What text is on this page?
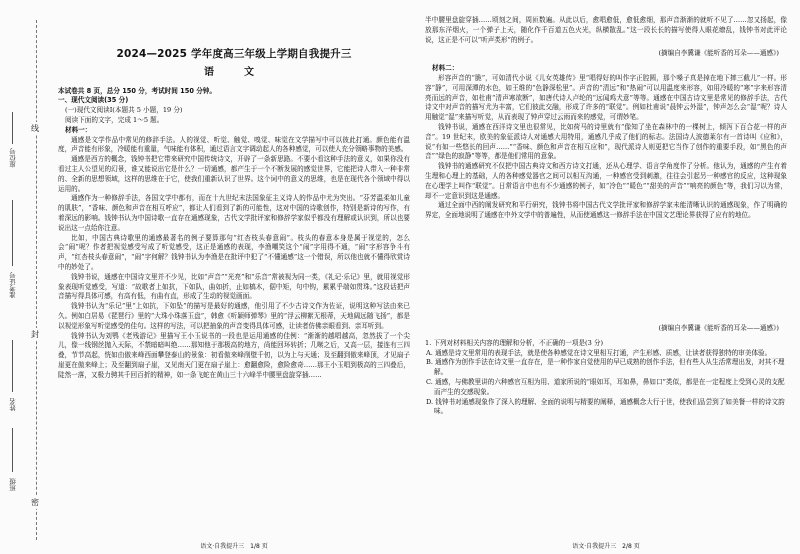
线
封
密
座位号
准考证号
姓名
班级
2024—2025 学年度高三年级上学期自我提升三
语　文
本试卷共 8 页，总分 150 分，考试时间 150 分钟。
一、现代文阅读(35 分)
(一)现代文阅读Ⅰ(本题共 5 小题，19 分)
阅读下面的文字，完成 1～5 题。
材料一：

通感是文学作品中常见的修辞手法。人的视觉、听觉、触觉、嗅觉、味觉在文学描写中可以彼此打通。颜色能有温度，声音能有形象，冷暖能有重量，气味能有体积，通过语言文字调动起人的各种感觉，可以使人充分领略事物的美感。

通感是西方的概念，钱钟书把它带来研究中国传统诗文，开辟了一条新思路。不要小看这种手法的意义，如果你没有看过主人公望见的幻景，谁又能说出它是什么？一切通感，都产生于一个不断发展的感觉世界，它能把诗人带入一种非常的、全新的思想领域，这样的思维在于它，使我们重新认识了世界。这个词中的意义的思维，也是在现代各个领域中得以运用的。

通感作为一种修辞手法，各国文学中都有，而在十九世纪末法国象征主义诗人的作品中尤为突出。“芬芳温柔如儿童的肌肤”，“香味、颜色和声音在相互呼应”，都让人们看到了新的可能性，这对中国的诗歌创作，特别是新诗的写作，有着深远的影响。钱钟书认为中国诗歌一直存在通感现象，古代文学批评家和修辞学家似乎都没有理解或认识到，所以也要说出这一点给你注意。

比如，中国古典诗歌里的通感最著名的例子要算那句“红杏枝头春意闹”。枝头的春意本身是属于视觉的，怎么会“闹”呢？作者把视觉感受写成了听觉感受，这正是通感的表现，李渔嘲笑这个“闹”字用得不通，“闹”字形容争斗有声，“红杏枝头春意闹”，“闹”字何解？钱钟书认为李渔是在批评中犯了“不懂通感”这一个错误，所以他也就不懂得欣赏诗中的妙处了。

钱钟书说，通感在中国诗文里并不少见，比如“声音”“光亮”和“乐音”常被视为同一类，《礼记·乐记》里，就用视觉形象表现听觉感受，写道：“故歌者上如抗，下如队，曲如折，止如槁木，倨中矩，句中钩，累累乎端如贯珠。”这段话把声音描写得具体可感，有高有低，有曲有直，形成了生动的视觉画面。

钱钟书认为“乐记”里“上如抗，下如坠”的描写是最好的通感，他引用了不少古诗文作为佐证，说明这种写法由来已久。例如白居易《琵琶行》里的“大珠小珠落玉盘”，韩愈《听颖师弹琴》里的“浮云柳絮无根蒂，天地阔远随飞扬”，都是以视觉形象写听觉感受的佳句。这样的写法，可以把抽象的声音变得具体可感，让读者仿佛亲眼看到、亲耳听到。

钱钟书认为刘鹗《老残游记》里描写王小玉说书的一段也是运用通感的佳例：“渐渐的越唱越高，忽然拔了一个尖儿，像一线钢丝抛入天际，不禁暗暗叫绝……那知他于那极高的地方，尚能回环转折；几啭之后，又高一层，接连有三四叠，节节高起，恍如由傲来峰西面攀登泰山的景象：初看傲来峰削壁千仞，以为上与天通；及至翻到傲来峰顶，才见扇子崖更在傲来峰上；及至翻到扇子崖，又见南天门更在扇子崖上：愈翻愈险，愈险愈奇……那王小玉唱到极高的三四叠后，陡然一落，又极力骋其千回百折的精神，如一条飞蛇在黄山三十六峰半中腰里盘旋穿插……

语文·自我提升三　1/8 页

半中腰里盘旋穿插……顷刻之间，周匝数遍。从此以后，愈唱愈低，愈低愈细，那声音渐渐的就听不见了……忽又扬起，像放那东洋烟火，一个弹子上天，随化作千百道五色火光，纵横散乱。”这一段长长的描写使得人眼花缭乱，钱钟书对此评论说，这正是不可以“听声类形”的例子。

(摘编自李冀谦《能听香的耳朵——通感》)
材料二：

形容声音的“脆”，可如清代小说《儿女英雄传》里“唱得好的叫作字正腔圆，那个嗓子真是掉在地下摔三截儿”一样。形容“静”，可用深潭的水色，如王维的“色静深松里”。声音的“清远”和“热闹”可以用温度来形容，如用冷暖的“寒”字来形容清亮而远的声音，如杜甫“清声寒欲断”，如唐代诗人卢纶的“远闻鸡犬意”等等。通感在中国古诗文里是常见的修辞手法，古代诗文中对声音的描写尤为丰富，它们彼此交融，形成了许多的“联觉”。例如杜甫说“晨钟云外湿”，钟声怎么会“湿”呢？诗人用触觉“湿”来描写听觉，从而表现了钟声穿过云雨而来的感觉，可谓妙笔。

钱钟书说，通感在西洋诗文里也很常见，比如荷马的诗里就有“像知了坐在森林中的一棵树上，倾泻下百合花一样的声音”。19 世纪末，欧美的象征派诗人对通感大用特用，通感几乎成了他们的标志。法国诗人波德莱尔有一首诗叫《应和》，说“有如一些悠长的回声……”“香味、颜色和声音在相互应和”，现代派诗人则更把它当作了创作的重要手段，如“黑色的声音”“绿色的寂静”等等，都是他们常用的意象。

钱钟书的通感研究不仅把中国古典诗文和西方诗文打通，还从心理学、语言学角度作了分析。他认为，通感的产生有着生理和心理上的基础，人的各种感觉器官之间可以相互沟通，一种感官受到刺激，往往会引起另一种感官的反应，这种现象在心理学上叫作“联觉”。日常语言中也有不少通感的例子，如“冷色”“暖色”“甜美的声音”“响亮的颜色”等，我们习以为常，却不一定意识到这是通感。

通过全面中西的阐发研究和平行研究，钱钟书将中国古代文学批评家和修辞学家未能清晰认识的通感现象，作了明确的界定，全面地说明了通感在中外文学中的普遍性，从而使通感这一修辞手法在中国文艺理论界获得了应有的地位。

(摘编自李冀谦《能听香的耳朵——通感》)
1. 下列对材料相关内容的理解和分析，不正确的一项是(3 分)
A. 通感是诗文里常用的表现手法，就是使各种感觉在诗文里相互打通，产生形感、质感，让读者获得独特的审美体验。
B. 通感作为创作手法在诗文里一直存在，是一种作家自觉使用的早已成熟的创作手法，但有些人从生活常理出发，对其不理解。
C. 通感，与佛教里讲的六种感官互相为用、道家所说的“眼如耳，耳如鼻，鼻如口”类似，都是在一定程度上受到心灵的支配而产生的交感现象。
D. 钱钟书对通感现象作了深入的理解、全面的说明与精要的阐释，通感概念大行于世，使我们品尝到了如美餐一样的诗文韵味。
语文·自我提升三　2/8 页
